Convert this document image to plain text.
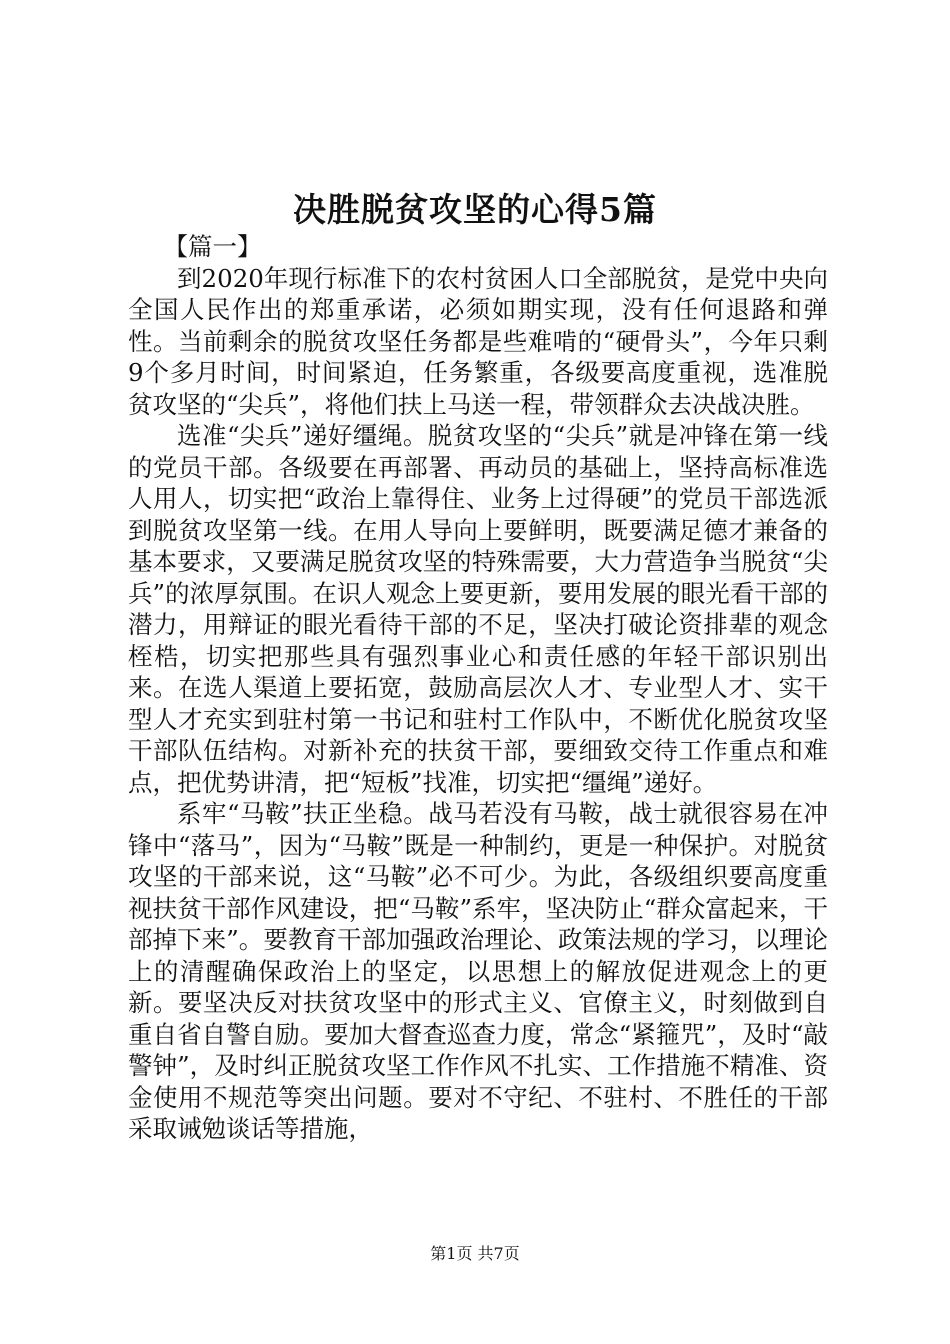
决胜脱贫攻坚的心得5篇

【篇一】

到2020年现行标准下的农村贫困人口全部脱贫，是党中央向全国人民作出的郑重承诺，必须如期实现，没有任何退路和弹性。当前剩余的脱贫攻坚任务都是些难啃的“硬骨头”，今年只剩9个多月时间，时间紧迫，任务繁重，各级要高度重视，选准脱贫攻坚的“尖兵”，将他们扶上马送一程，带领群众去决战决胜。

选准“尖兵”递好缰绳。脱贫攻坚的“尖兵”就是冲锋在第一线的党员干部。各级要在再部署、再动员的基础上，坚持高标准选人用人，切实把“政治上靠得住、业务上过得硬”的党员干部选派到脱贫攻坚第一线。在用人导向上要鲜明，既要满足德才兼备的基本要求，又要满足脱贫攻坚的特殊需要，大力营造争当脱贫“尖兵”的浓厚氛围。在识人观念上要更新，要用发展的眼光看干部的潜力，用辩证的眼光看待干部的不足，坚决打破论资排辈的观念桎梏，切实把那些具有强烈事业心和责任感的年轻干部识别出来。在选人渠道上要拓宽，鼓励高层次人才、专业型人才、实干型人才充实到驻村第一书记和驻村工作队中，不断优化脱贫攻坚干部队伍结构。对新补充的扶贫干部，要细致交待工作重点和难点，把优势讲清，把“短板”找准，切实把“缰绳”递好。

系牢“马鞍”扶正坐稳。战马若没有马鞍，战士就很容易在冲锋中“落马”，因为“马鞍”既是一种制约，更是一种保护。对脱贫攻坚的干部来说，这“马鞍”必不可少。为此，各级组织要高度重视扶贫干部作风建设，把“马鞍”系牢，坚决防止“群众富起来，干部掉下来”。要教育干部加强政治理论、政策法规的学习，以理论上的清醒确保政治上的坚定，以思想上的解放促进观念上的更新。要坚决反对扶贫攻坚中的形式主义、官僚主义，时刻做到自重自省自警自励。要加大督查巡查力度，常念“紧箍咒”，及时“敲警钟”，及时纠正脱贫攻坚工作作风不扎实、工作措施不精准、资金使用不规范等突出问题。要对不守纪、不驻村、不胜任的干部采取诫勉谈话等措施，

第1页 共7页
